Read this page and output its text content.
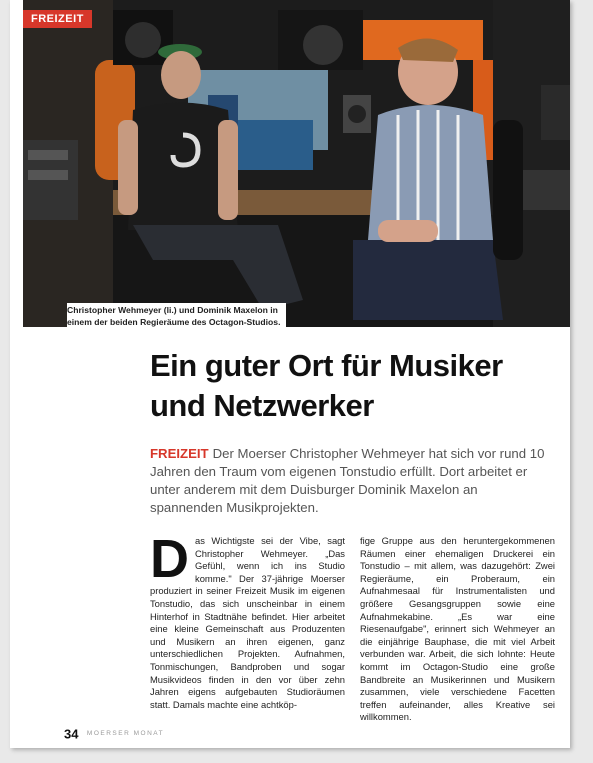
FREIZEIT
Christopher Wehmeyer (li.) und Dominik Maxelon in
einem der beiden Regieräume des Octagon-Studios.
Ein guter Ort für Musiker
und Netzwerker
FREIZEIT Der Moerser Christopher Wehmeyer hat sich vor rund 10 Jahren den Traum vom eigenen Tonstudio erfüllt. Dort arbeitet er unter anderem mit dem Duisburger Dominik Maxelon an spannenden Musikprojekten.
D as Wichtigste sei der Vibe, sagt Christopher Wehmeyer. „Das Gefühl, wenn ich ins Studio komme." Der 37-jährige Moerser produziert in seiner Freizeit Musik im eigenen Tonstudio, das sich unscheinbar in einem Hinterhof in Stadtnähe befindet. Hier arbeitet eine kleine Gemeinschaft aus Produzenten und Musikern an ihren eigenen, ganz unterschiedlichen Projekten. Aufnahmen, Tonmischungen, Bandproben und sogar Musikvideos finden in den vor über zehn Jahren eigens aufgebauten Studioräumen statt. Damals machte eine achtköp-

fige Gruppe aus den heruntergekommenen Räumen einer ehemaligen Druckerei ein Tonstudio – mit allem, was dazugehört: Zwei Regieräume, ein Proberaum, ein Aufnahmesaal für Instrumentalisten und größere Gesangsgruppen sowie eine Aufnahmekabine. „Es war eine Riesenaufgabe", erinnert sich Wehmeyer an die einjährige Bauphase, die mit viel Arbeit verbunden war. Arbeit, die sich lohnte: Heute kommt im Octagon-Studio eine große Bandbreite an Musikerinnen und Musikern zusammen, viele verschiedene Facetten treffen aufeinander, alles Kreative sei willkommen.

34 MOERSER MONAT
